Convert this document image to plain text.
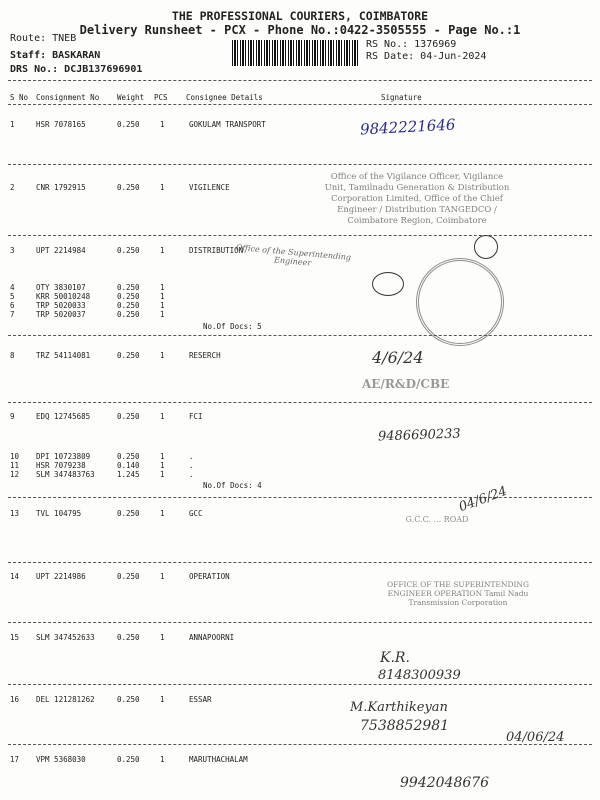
THE PROFESSIONAL COURIERS, COIMBATORE
Delivery Runsheet - PCX - Phone No.:0422-3505555 - Page No.:1
Route: TNEB
Staff: BASKARAN
DRS No.: DCJB137696901
RS No.: 1376969
RS Date: 04-Jun-2024
S No Consignment No Weight PCS Consignee Details	Signature
1	HSR 7078165	0.250	1	GOKULAM TRANSPORT
2	CNR 1792915	0.250	1	VIGILENCE
3	UPT 2214984	0.250	1	DISTRIBUTION
4	OTY 3830107	0.250	1
5	KRR 50010248	0.250	1
6	TRP 5020033	0.250	1
7	TRP 5020037	0.250	1
8	TRZ 54114081	0.250	1	RESERCH
9	EDQ 12745685	0.250	1	FCI
10 DPI 10723809	0.250	1	.
11 HSR 7079238	0.140	1	.
12 SLM 347483763	1.245	1	.
13 TVL 104795	0.250	1	GCC
14 UPT 2214986	0.250	1	OPERATION
15 SLM 347452633	0.250	1	ANNAPOORNI
16 DEL 121281262	0.250	1	ESSAR
17 VPM 5368030	0.250	1	MARUTHACHALAM
No.Of Docs: 5
No.Of Docs: 4
9842221646
Office of the Vigilance Officer, Vigilance Unit, Tamilnadu Generation & Distribution Corporation Limited, Office of the Chief Engineer / Distribution TANGEDCO / Coimbatore Region, Coimbatore
Office of the Superintending Engineer
4/6/24
AE/R&D/CBE
9486690233
04/6/24
G.C.C. ... ROAD
OFFICE OF THE SUPERINTENDING ENGINEER OPERATION Tamil Nadu Transmission Corporation
K.R.
8148300939
M.Karthikeyan
7538852981
04/06/24
9942048676
